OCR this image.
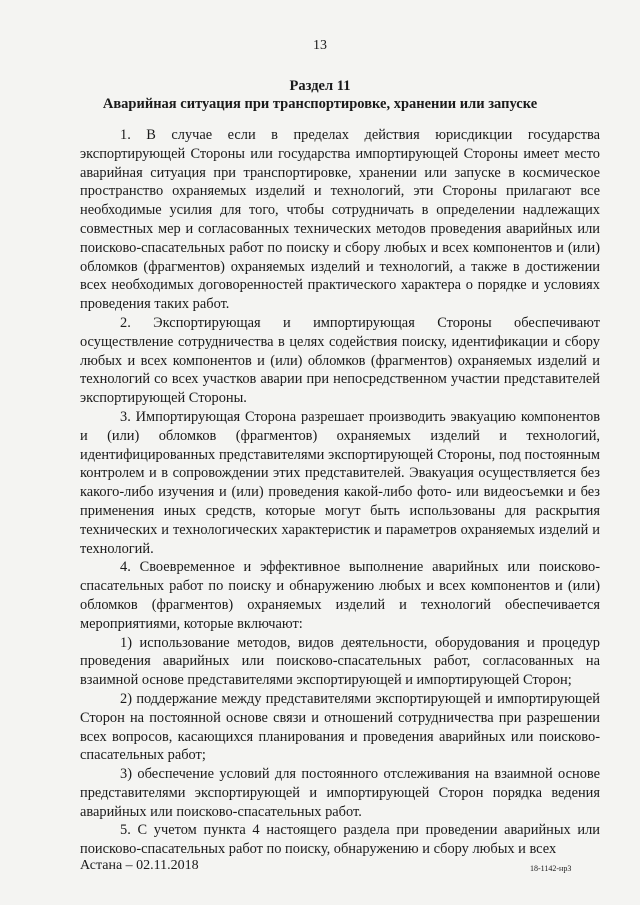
13
Раздел 11
Аварийная ситуация при транспортировке, хранении или запуске

1. В случае если в пределах действия юрисдикции государства экспортирующей Стороны или государства импортирующей Стороны имеет место аварийная ситуация при транспортировке, хранении или запуске в космическое пространство охраняемых изделий и технологий, эти Стороны прилагают все необходимые усилия для того, чтобы сотрудничать в определении надлежащих совместных мер и согласованных технических методов проведения аварийных или поисково-спасательных работ по поиску и сбору любых и всех компонентов и (или) обломков (фрагментов) охраняемых изделий и технологий, а также в достижении всех необходимых договоренностей практического характера о порядке и условиях проведения таких работ.

2. Экспортирующая и импортирующая Стороны обеспечивают осуществление сотрудничества в целях содействия поиску, идентификации и сбору любых и всех компонентов и (или) обломков (фрагментов) охраняемых изделий и технологий со всех участков аварии при непосредственном участии представителей экспортирующей Стороны.

3. Импортирующая Сторона разрешает производить эвакуацию компонентов и (или) обломков (фрагментов) охраняемых изделий и технологий, идентифицированных представителями экспортирующей Стороны, под постоянным контролем и в сопровождении этих представителей. Эвакуация осуществляется без какого-либо изучения и (или) проведения какой-либо фото- или видеосъемки и без применения иных средств, которые могут быть использованы для раскрытия технических и технологических характеристик и параметров охраняемых изделий и технологий.

4. Своевременное и эффективное выполнение аварийных или поисково-спасательных работ по поиску и обнаружению любых и всех компонентов и (или) обломков (фрагментов) охраняемых изделий и технологий обеспечивается мероприятиями, которые включают:

1) использование методов, видов деятельности, оборудования и процедур проведения аварийных или поисково-спасательных работ, согласованных на взаимной основе представителями экспортирующей и импортирующей Сторон;

2) поддержание между представителями экспортирующей и импортирующей Сторон на постоянной основе связи и отношений сотрудничества при разрешении всех вопросов, касающихся планирования и проведения аварийных или поисково-спасательных работ;

3) обеспечение условий для постоянного отслеживания на взаимной основе представителями экспортирующей и импортирующей Сторон порядка ведения аварийных или поисково-спасательных работ.

5. С учетом пункта 4 настоящего раздела при проведении аварийных или поисково-спасательных работ по поиску, обнаружению и сбору любых и всех

Астана – 02.11.2018	18-1142-нр3
